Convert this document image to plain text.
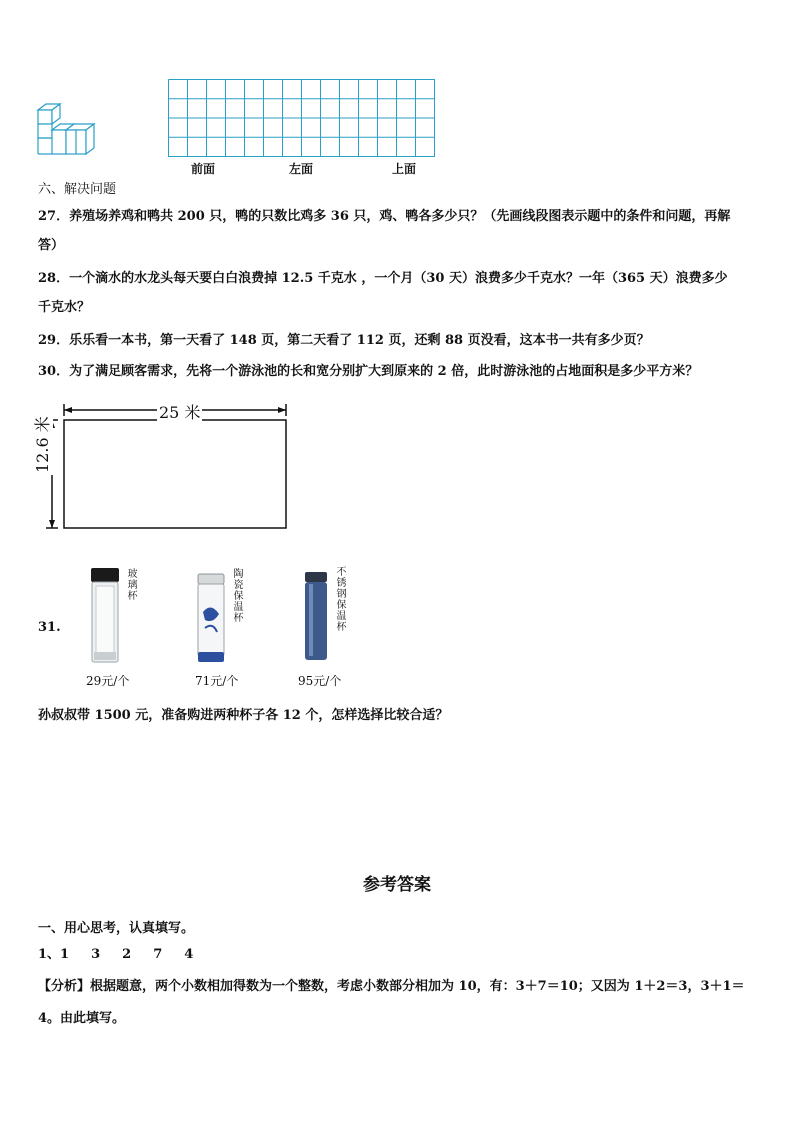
前面	左面	上面
六、解决问题
27．养殖场养鸡和鸭共 200 只，鸭的只数比鸡多 36 只，鸡、鸭各多少只？（先画线段图表示题中的条件和问题，再解
答）
28．一个滴水的水龙头每天要白白浪费掉 12.5 千克水 ，一个月（30 天）浪费多少千克水？一年（365 天）浪费多少
千克水？
29．乐乐看一本书，第一天看了 148 页，第二天看了 112 页，还剩 88 页没看，这本书一共有多少页？
30．为了满足顾客需求，先将一个游泳池的长和宽分别扩大到原来的 2 倍，此时游泳池的占地面积是多少平方米？
25 米
12.6 米
31.
玻璃杯
29元/个
陶瓷保温杯
71元/个
不锈钢保温杯
95元/个
孙叔叔带 1500 元，准备购进两种杯子各 12 个，怎样选择比较合适？
参考答案
一、用心思考，认真填写。
1、1 3 2 7 4
【分析】根据题意，两个小数相加得数为一个整数，考虑小数部分相加为 10，有：3＋7＝10；又因为 1＋2＝3，3＋1＝
4。由此填写。
